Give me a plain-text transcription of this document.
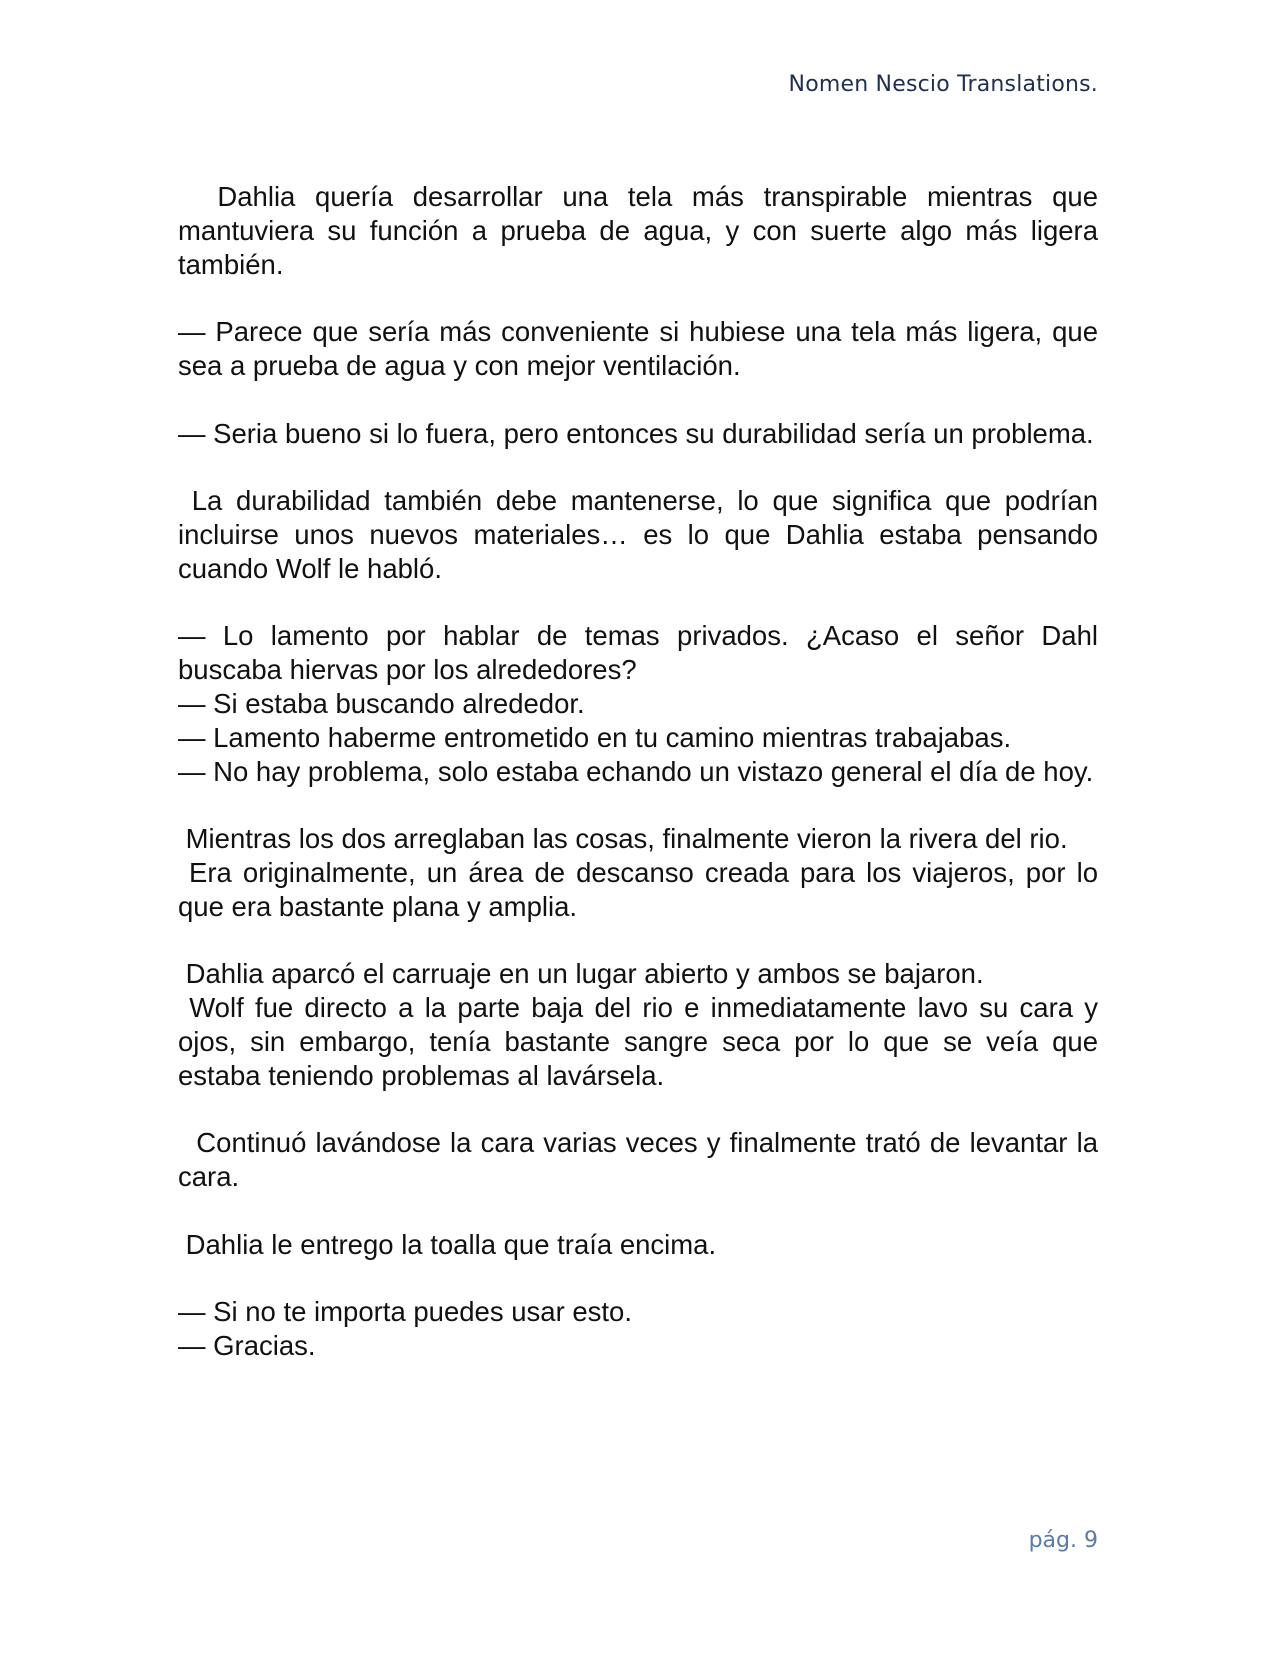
Nomen Nescio Translations.

Dahlia quería desarrollar una tela más transpirable mientras que mantuviera su función a prueba de agua, y con suerte algo más ligera también.

— Parece que sería más conveniente si hubiese una tela más ligera, que sea a prueba de agua y con mejor ventilación.

— Seria bueno si lo fuera, pero entonces su durabilidad sería un problema.

La durabilidad también debe mantenerse, lo que significa que podrían incluirse unos nuevos materiales… es lo que Dahlia estaba pensando cuando Wolf le habló.

— Lo lamento por hablar de temas privados. ¿Acaso el señor Dahl buscaba hiervas por los alrededores?

— Si estaba buscando alrededor.

— Lamento haberme entrometido en tu camino mientras trabajabas.

— No hay problema, solo estaba echando un vistazo general el día de hoy.

Mientras los dos arreglaban las cosas, finalmente vieron la rivera del rio.

Era originalmente, un área de descanso creada para los viajeros, por lo que era bastante plana y amplia.

Dahlia aparcó el carruaje en un lugar abierto y ambos se bajaron.

Wolf fue directo a la parte baja del rio e inmediatamente lavo su cara y ojos, sin embargo, tenía bastante sangre seca por lo que se veía que estaba teniendo problemas al lavársela.

Continuó lavándose la cara varias veces y finalmente trató de levantar la cara.

Dahlia le entrego la toalla que traía encima.

— Si no te importa puedes usar esto.

— Gracias.

pág. 9
